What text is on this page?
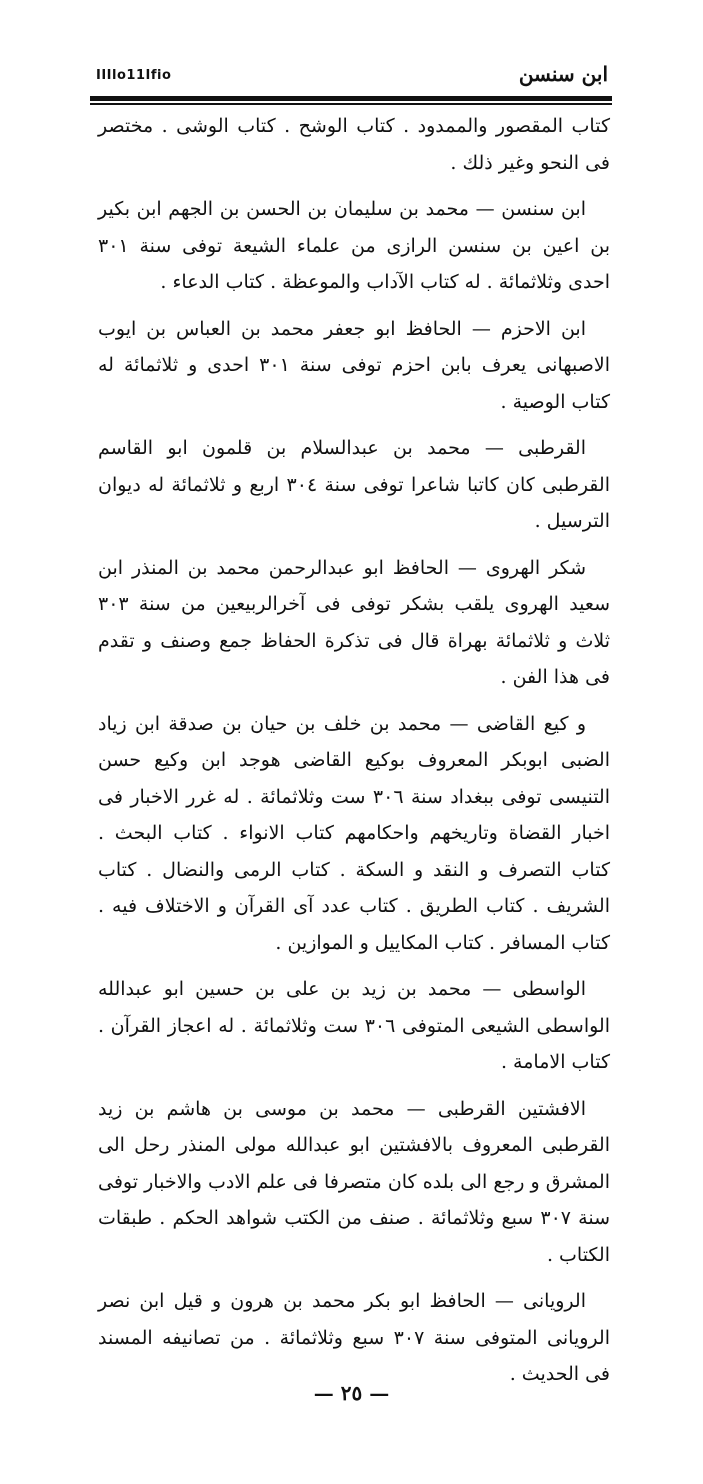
ابن سنسن
IIIlo11Ifio

كتاب المقصور والممدود . كتاب الوشح . كتاب الوشى . مختصر فى النحو وغير ذلك .

ابن سنسن — محمد بن سليمان بن الحسن بن الجهم ابن بكير بن اعين بن سنسن الرازى من علماء الشيعة توفى سنة ٣٠١ احدى وثلاثمائة . له كتاب الآداب والموعظة . كتاب الدعاء .

ابن الاحزم — الحافظ ابو جعفر محمد بن العباس بن ايوب الاصبهانى يعرف بابن احزم توفى سنة ٣٠١ احدى و ثلاثمائة له كتاب الوصية .

القرطبى — محمد بن عبدالسلام بن قلمون ابو القاسم القرطبى كان كاتبا شاعرا توفى سنة ٣٠٤ اربع و ثلاثمائة له ديوان الترسيل .

شكر الهروى — الحافظ ابو عبدالرحمن محمد بن المنذر ابن سعيد الهروى يلقب بشكر توفى فى آخرالربيعين من سنة ٣٠٣ ثلاث و ثلاثمائة بهراة قال فى تذكرة الحفاظ جمع وصنف و تقدم فى هذا الفن .

و كيع القاضى — محمد بن خلف بن حيان بن صدقة ابن زياد الضبى ابوبكر المعروف بوكيع القاضى هوجد ابن وكيع حسن التنيسى توفى ببغداد سنة ٣٠٦ ست وثلاثمائة . له غرر الاخبار فى اخبار القضاة وتاريخهم واحكامهم كتاب الانواء . كتاب البحث . كتاب التصرف و النقد و السكة . كتاب الرمى والنضال . كتاب الشريف . كتاب الطريق . كتاب عدد آى القرآن و الاختلاف فيه . كتاب المسافر . كتاب المكاييل و الموازين .

الواسطى — محمد بن زيد بن على بن حسين ابو عبدالله الواسطى الشيعى المتوفى ٣٠٦ ست وثلاثمائة . له اعجاز القرآن . كتاب الامامة .

الافشتين القرطبى — محمد بن موسى بن هاشم بن زيد القرطبى المعروف بالافشتين ابو عبدالله مولى المنذر رحل الى المشرق و رجع الى بلده كان متصرفا فى علم الادب والاخبار توفى سنة ٣٠٧ سبع وثلاثمائة . صنف من الكتب شواهد الحكم . طبقات الكتاب .

الرويانى — الحافظ ابو بكر محمد بن هرون و قيل ابن نصر الرويانى المتوفى سنة ٣٠٧ سبع وثلاثمائة . من تصانيفه المسند فى الحديث .

— ٢٥ —
